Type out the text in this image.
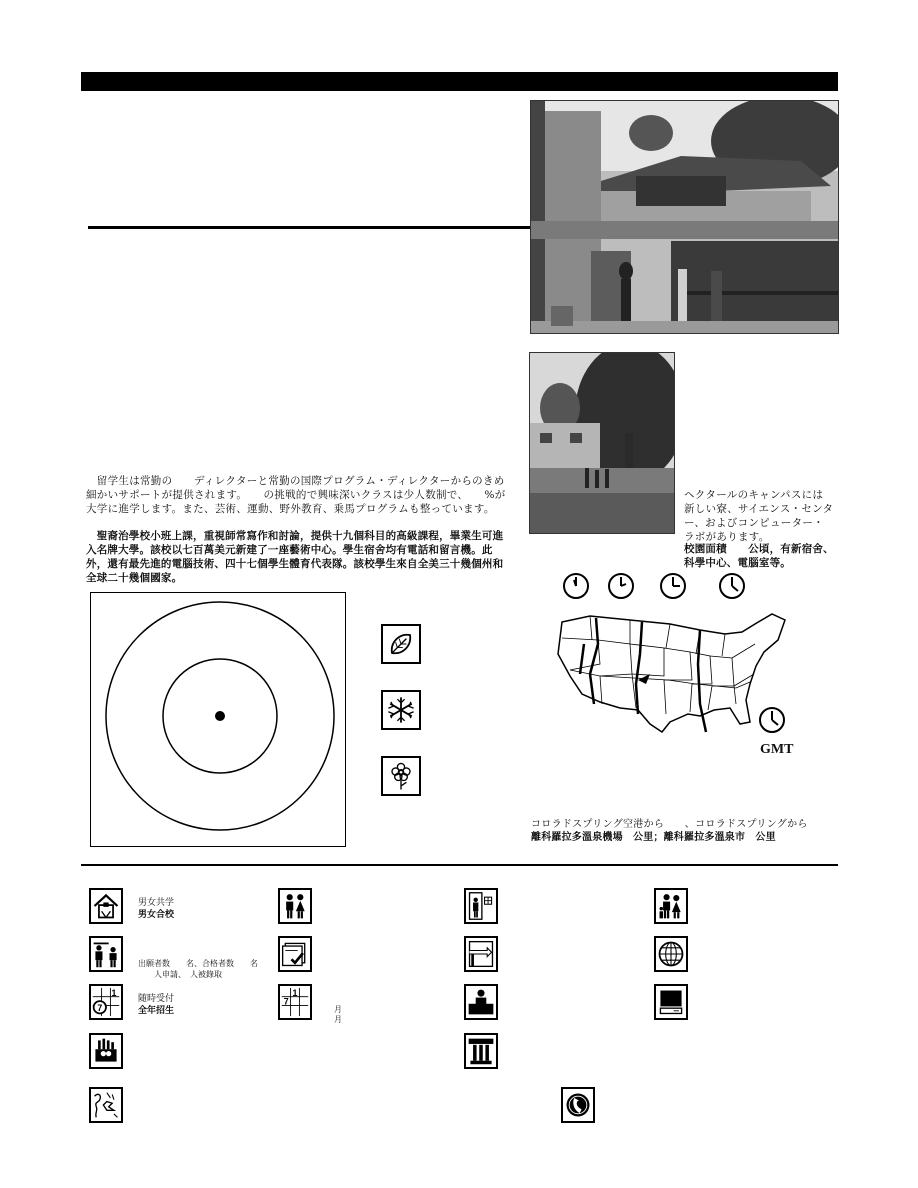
ヘクタールのキャンパスには新しい寮、サイエンス・センター、およびコンピューター・ラボがあります。
校園面積　　公頃，有新宿舍、科學中心、電腦室等。
　留学生は常勤の　　ディレクターと常勤の国際プログラム・ディレクターからのきめ細かいサポートが提供されます。　　の挑戦的で興味深いクラスは少人数制で、　　%が大学に進学します。また、芸術、運動、野外教育、乗馬プログラムも整っています。
　聖裔治學校小班上課，重視師常寫作和討論，提供十九個科目的高級課程，畢業生可進入名牌大學。該校以七百萬美元新建了一座藝術中心。學生宿舍均有電話和留言機。此外，還有最先進的電腦技術、四十七個學生體育代表隊。該校學生來自全美三十幾個州和全球二十幾個國家。
GMT
コロラドスプリング空港から　　、コロラドスプリングから
離科羅拉多溫泉機場　公里；離科羅拉多溫泉市　公里
男女共学
男女合校
出願者数　　名、合格者数　　名
人申請、　人被錄取
1
7
随時受付
全年招生
1
7
月
月
